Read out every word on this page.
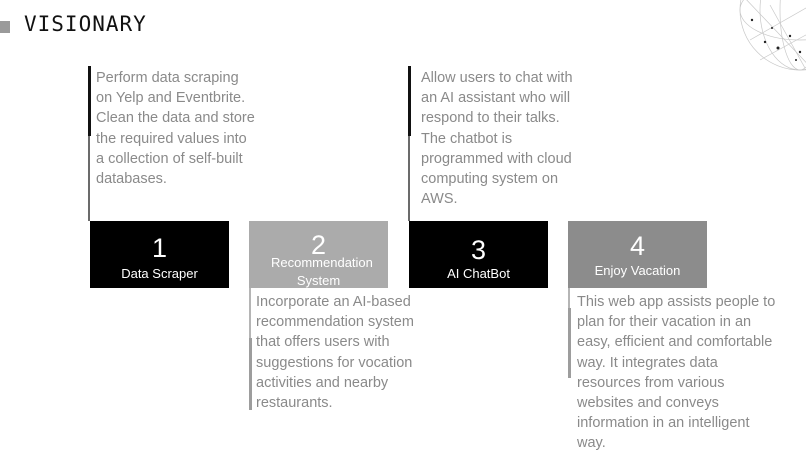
VISIONARY
Perform data scraping on Yelp and Eventbrite. Clean the data and store the required values into a collection of self-built databases.
1
Data Scraper
2
Recommendation System
Incorporate an AI-based recommendation system that offers users with suggestions for vocation activities and nearby restaurants.
Allow users to chat with an AI assistant who will respond to their talks. The chatbot is programmed with cloud computing system on AWS.
3
AI ChatBot
4
Enjoy Vacation
This web app assists people to plan for their vacation in an easy, efficient and comfortable way. It integrates data resources from various websites and conveys information in an intelligent way.
